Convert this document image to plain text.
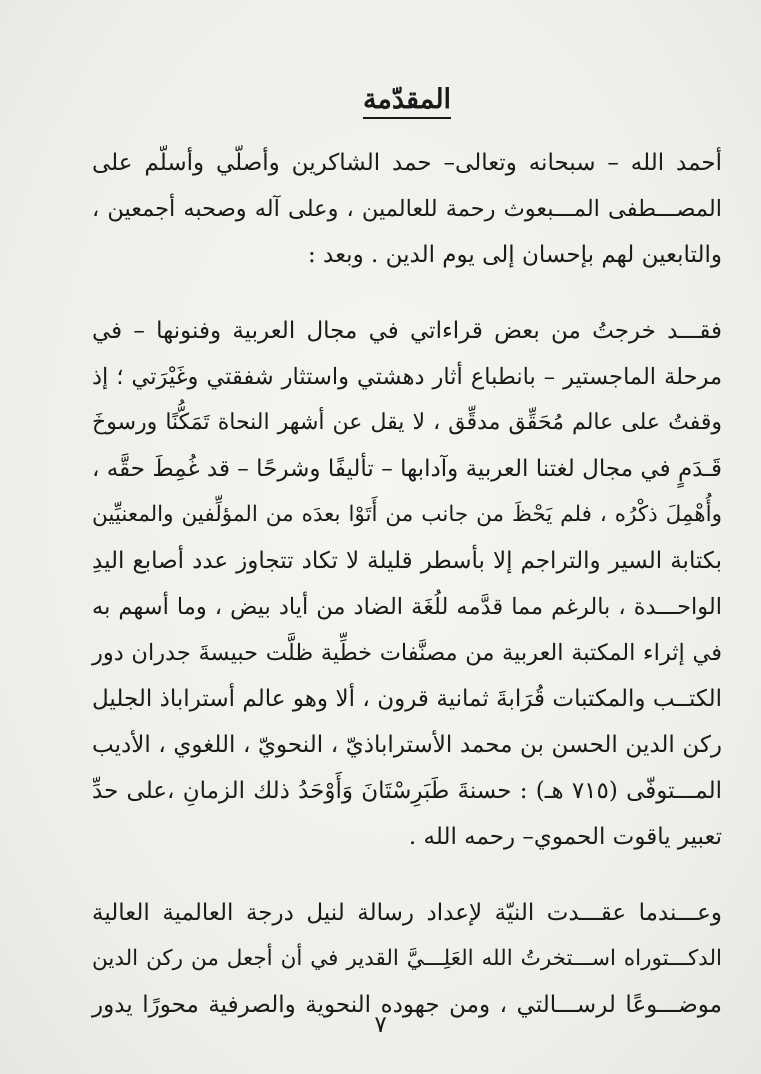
المقدّمة

أحمد الله – سبحانه وتعالى– حمد الشاكرين وأصلّي وأسلّم على

المصـــطفى المـــبعوث رحمة للعالمين ، وعلى آله وصحبه أجمعين ،

والتابعين لهم بإحسان إلى يوم الدين . وبعد :

فقـــد خرجتُ من بعض قراءاتي في مجال العربية وفنونها – في

مرحلة الماجستير – بانطباع أثار دهشتي واستثار شفقتي وغَيْرَتي ؛ إذ

وقفتُ على عالم مُحَقِّق مدقِّق ، لا يقل عن أشهر النحاة تَمَكُّنًا ورسوخَ

قَـدَمٍ في مجال لغتنا العربية وآدابها – تأليفًا وشرحًا – قد غُمِطَ حقَّه ،

وأُهْمِلَ ذكْرُه ، فلم يَحْظَ من جانب من أَتَوْا بعدَه من المؤلِّفين والمعنيِّين

بكتابة السير والتراجم إلا بأسطر قليلة لا تكاد تتجاوز عدد أصابع اليدِ

الواحـــدة ، بالرغم مما قدَّمه للُغَة الضاد من أياد بيض ، وما أسهم به

في إثراء المكتبة العربية من مصنَّفات خطِّية ظلَّت حبيسةَ جدران دور

الكتــب والمكتبات قُرَابةَ ثمانية قرون ، ألا وهو عالم أستراباذ الجليل

ركن الدين الحسن بن محمد الأستراباذيّ ، النحويّ ، اللغوي ، الأديب

المـــتوفّى (٧١٥ هـ) : حسنةَ طَبَرِسْتَانَ وَأَوْحَدُ ذلك الزمانِ ،على حدِّ

تعبير ياقوت الحموي– رحمه الله .

وعـــندما عقـــدت النيّة لإعداد رسالة لنيل درجة العالمية العالية

الدكـــتوراه اســـتخرتُ الله العَلِـــيَّ القدير في أن أجعل من ركن الدين

موضـــوعًا لرســـالتي ، ومن جهوده النحوية والصرفية محورًا يدور

٧
